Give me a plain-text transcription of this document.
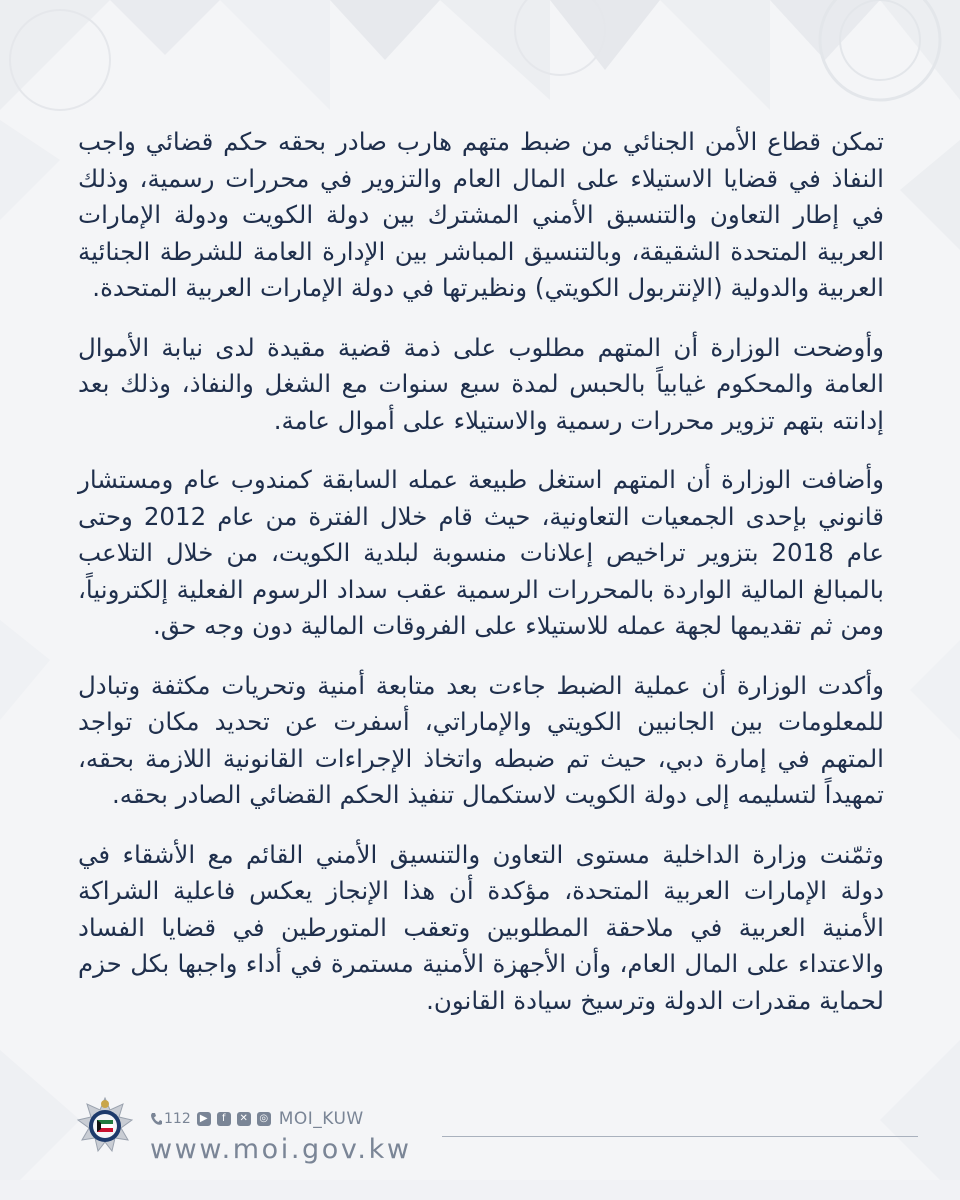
تمكن قطاع الأمن الجنائي من ضبط متهم هارب صادر بحقه حكم قضائي واجب النفاذ في قضايا الاستيلاء على المال العام والتزوير في محررات رسمية، وذلك في إطار التعاون والتنسيق الأمني المشترك بين دولة الكويت ودولة الإمارات العربية المتحدة الشقيقة، وبالتنسيق المباشر بين الإدارة العامة للشرطة الجنائية العربية والدولية (الإنتربول الكويتي) ونظيرتها في دولة الإمارات العربية المتحدة.

وأوضحت الوزارة أن المتهم مطلوب على ذمة قضية مقيدة لدى نيابة الأموال العامة والمحكوم غيابياً بالحبس لمدة سبع سنوات مع الشغل والنفاذ، وذلك بعد إدانته بتهم تزوير محررات رسمية والاستيلاء على أموال عامة.

وأضافت الوزارة أن المتهم استغل طبيعة عمله السابقة كمندوب عام ومستشار قانوني بإحدى الجمعيات التعاونية، حيث قام خلال الفترة من عام 2012 وحتى عام 2018 بتزوير تراخيص إعلانات منسوبة لبلدية الكويت، من خلال التلاعب بالمبالغ المالية الواردة بالمحررات الرسمية عقب سداد الرسوم الفعلية إلكترونياً، ومن ثم تقديمها لجهة عمله للاستيلاء على الفروقات المالية دون وجه حق.

وأكدت الوزارة أن عملية الضبط جاءت بعد متابعة أمنية وتحريات مكثفة وتبادل للمعلومات بين الجانبين الكويتي والإماراتي، أسفرت عن تحديد مكان تواجد المتهم في إمارة دبي، حيث تم ضبطه واتخاذ الإجراءات القانونية اللازمة بحقه، تمهيداً لتسليمه إلى دولة الكويت لاستكمال تنفيذ الحكم القضائي الصادر بحقه.

وثمّنت وزارة الداخلية مستوى التعاون والتنسيق الأمني القائم مع الأشقاء في دولة الإمارات العربية المتحدة، مؤكدة أن هذا الإنجاز يعكس فاعلية الشراكة الأمنية العربية في ملاحقة المطلوبين وتعقب المتورطين في قضايا الفساد والاعتداء على المال العام، وأن الأجهزة الأمنية مستمرة في أداء واجبها بكل حزم لحماية مقدرات الدولة وترسيخ سيادة القانون.

112 ▶	f	✕ ◎ MOI_KUW
www.moi.gov.kw
